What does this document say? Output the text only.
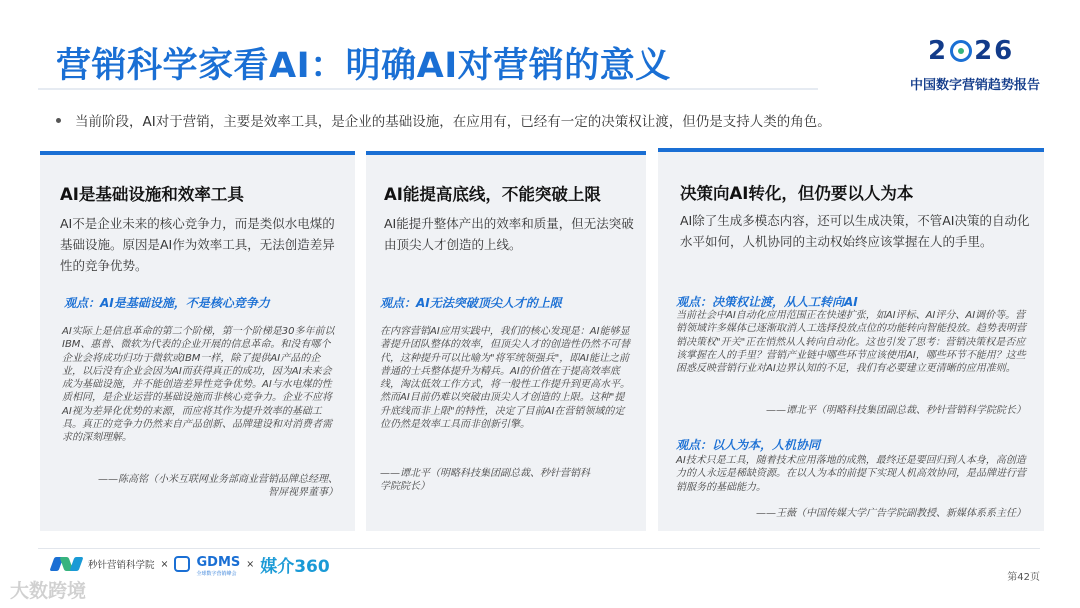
营销科学家看AI：明确AI对营销的意义	2 26
中国数字营销趋势报告
当前阶段，AI对于营销，主要是效率工具，是企业的基础设施，在应用有，已经有一定的决策权让渡，但仍是支持人类的角色。
AI是基础设施和效率工具
AI不是企业未来的核心竞争力，而是类似水电煤的基础设施。原因是AI作为效率工具，无法创造差异性的竞争优势。
观点：AI是基础设施，不是核心竞争力
AI实际上是信息革命的第二个阶梯，第一个阶梯是30多年前以IBM、惠普、微软为代表的企业开展的信息革命。和没有哪个企业会将成功归功于微软或IBM一样，除了提供AI产品的企业，以后没有企业会因为AI而获得真正的成功，因为AI未来会成为基础设施，并不能创造差异性竞争优势。AI与水电煤的性质相同，是企业运营的基础设施而非核心竞争力。企业不应将AI视为差异化优势的来源，而应将其作为提升效率的基础工具。真正的竞争力仍然来自产品创新、品牌建设和对消费者需求的深刻理解。
——陈高铭（小米互联网业务部商业营销品牌总经理、
智屏视界董事）
AI能提高底线，不能突破上限
AI能提升整体产出的效率和质量，但无法突破由顶尖人才创造的上线。
观点：AI无法突破顶尖人才的上限
在内容营销AI应用实践中，我们的核心发现是：AI能够显著提升团队整体的效率，但顶尖人才的创造性仍然不可替代，这种提升可以比喻为"将军统领强兵"，即AI能让之前普通的士兵整体提升为精兵。AI的价值在于提高效率底线，淘汰低效工作方式，将一般性工作提升到更高水平。然而AI目前仍难以突破由顶尖人才创造的上限。这种"提升底线而非上限"的特性，决定了目前AI在营销领域的定位仍然是效率工具而非创新引擎。
——谭北平（明略科技集团副总裁、秒针营销科
学院院长）
决策向AI转化，但仍要以人为本
AI除了生成多模态内容，还可以生成决策，不管AI决策的自动化水平如何，人机协同的主动权始终应该掌握在人的手里。
观点：决策权让渡，从人工转向AI
当前社会中AI自动化应用范围正在快速扩张，如AI评标、AI评分、AI调价等。营销领域许多媒体已逐渐取消人工选择投放点位的功能转向智能投放。趋势表明营销决策权"开关"正在悄然从人转向自动化。这也引发了思考：营销决策权是否应该掌握在人的手里？营销产业链中哪些环节应该使用AI，哪些环节不能用？这些困惑反映营销行业对AI边界认知的不足，我们有必要建立更清晰的应用准则。
——谭北平（明略科技集团副总裁、秒针营销科学院院长）
观点：以人为本，人机协同
AI技术只是工具，随着技术应用落地的成熟，最终还是要回归到人本身，高创造力的人永远是稀缺资源。在以人为本的前提下实现人机高效协同，是品牌进行营销服务的基础能力。
——王薇（中国传媒大学广告学院副教授、新媒体系系主任）
秒针营销科学院 × GDMS
全球数字营销峰会
× 媒介360
第42页
大数跨境
